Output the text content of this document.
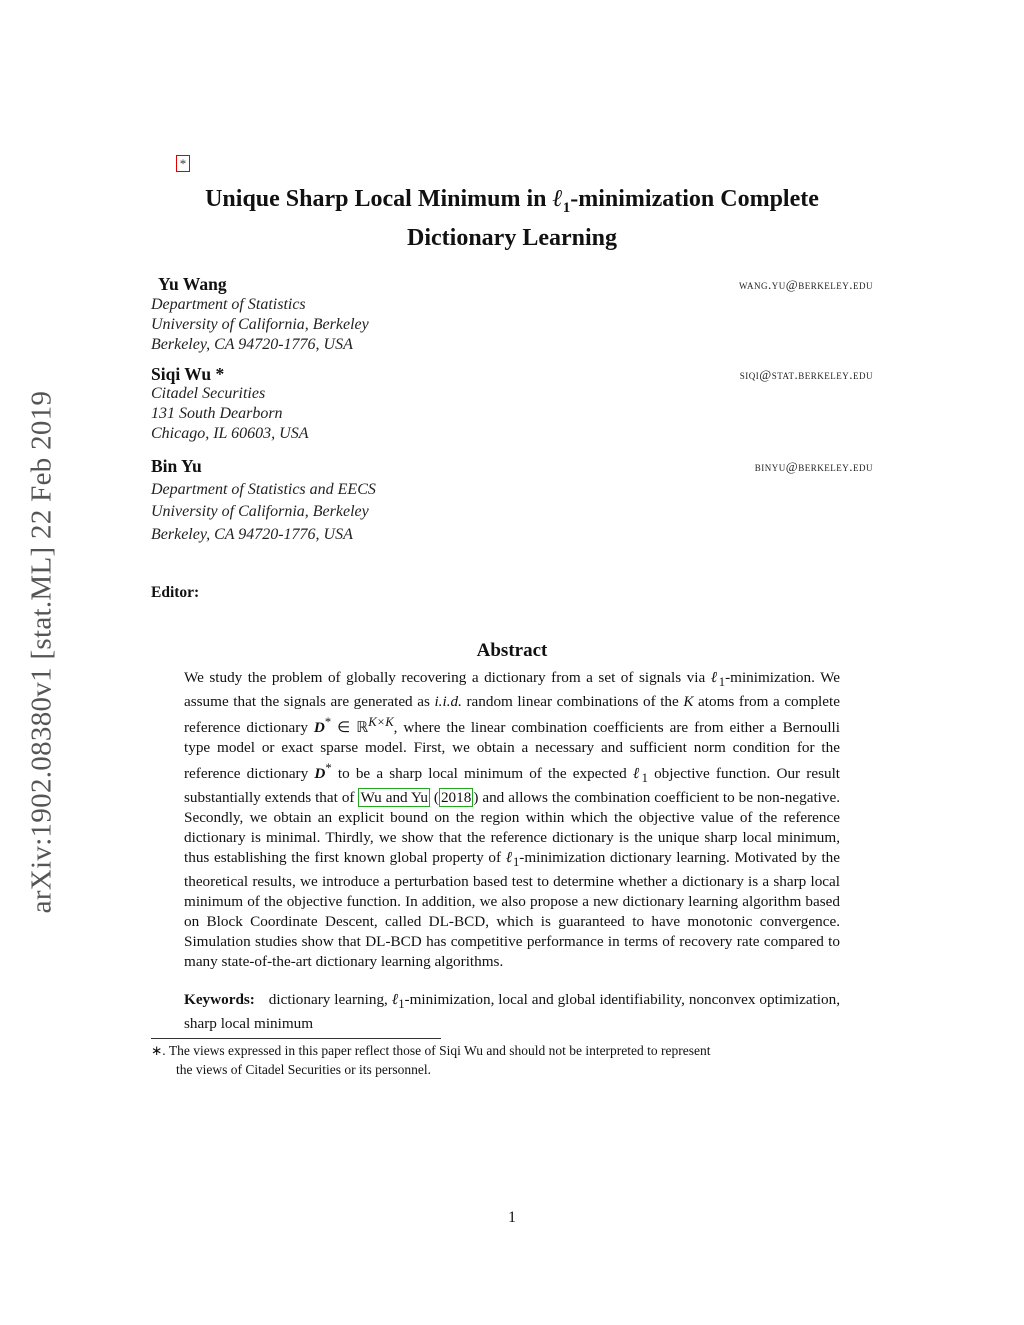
arXiv:1902.08380v1 [stat.ML] 22 Feb 2019
*
Unique Sharp Local Minimum in ℓ$_1$-minimization Complete
Dictionary Learning
Yu Wang	wang.yu@berkeley.edu
Department of Statistics
University of California, Berkeley
Berkeley, CA 94720-1776, USA
Siqi Wu *	siqi@stat.berkeley.edu
Citadel Securities
131 South Dearborn
Chicago, IL 60603, USA
Bin Yu	binyu@berkeley.edu
Department of Statistics and EECS
University of California, Berkeley
Berkeley, CA 94720-1776, USA
Editor:
Abstract
We study the problem of globally recovering a dictionary from a set of signals via ℓ$_1$-minimization. We assume that the signals are generated as i.i.d. random linear combinations of the K atoms from a complete reference dictionary D* ∈ ℝ$^{K\times K}$, where the linear combination coefficients are from either a Bernoulli type model or exact sparse model. First, we obtain a necessary and sufficient norm condition for the reference dictionary D* to be a sharp local minimum of the expected ℓ$_1$ objective function. Our result substantially extends that of Wu and Yu ( 2018 ) and allows the combination coefficient to be non-negative. Secondly, we obtain an explicit bound on the region within which the objective value of the reference dictionary is minimal. Thirdly, we show that the reference dictionary is the unique sharp local minimum, thus establishing the first known global property of ℓ$_1$-minimization dictionary learning. Motivated by the theoretical results, we introduce a perturbation based test to determine whether a dictionary is a sharp local minimum of the objective function. In addition, we also propose a new dictionary learning algorithm based on Block Coordinate Descent, called DL-BCD, which is guaranteed to have monotonic convergence. Simulation studies show that DL-BCD has competitive performance in terms of recovery rate compared to many state-of-the-art dictionary learning algorithms.
Keywords: dictionary learning, ℓ$_1$-minimization, local and global identifiability, nonconvex optimization, sharp local minimum
∗. The views expressed in this paper reflect those of Siqi Wu and should not be interpreted to represent
the views of Citadel Securities or its personnel.
1
